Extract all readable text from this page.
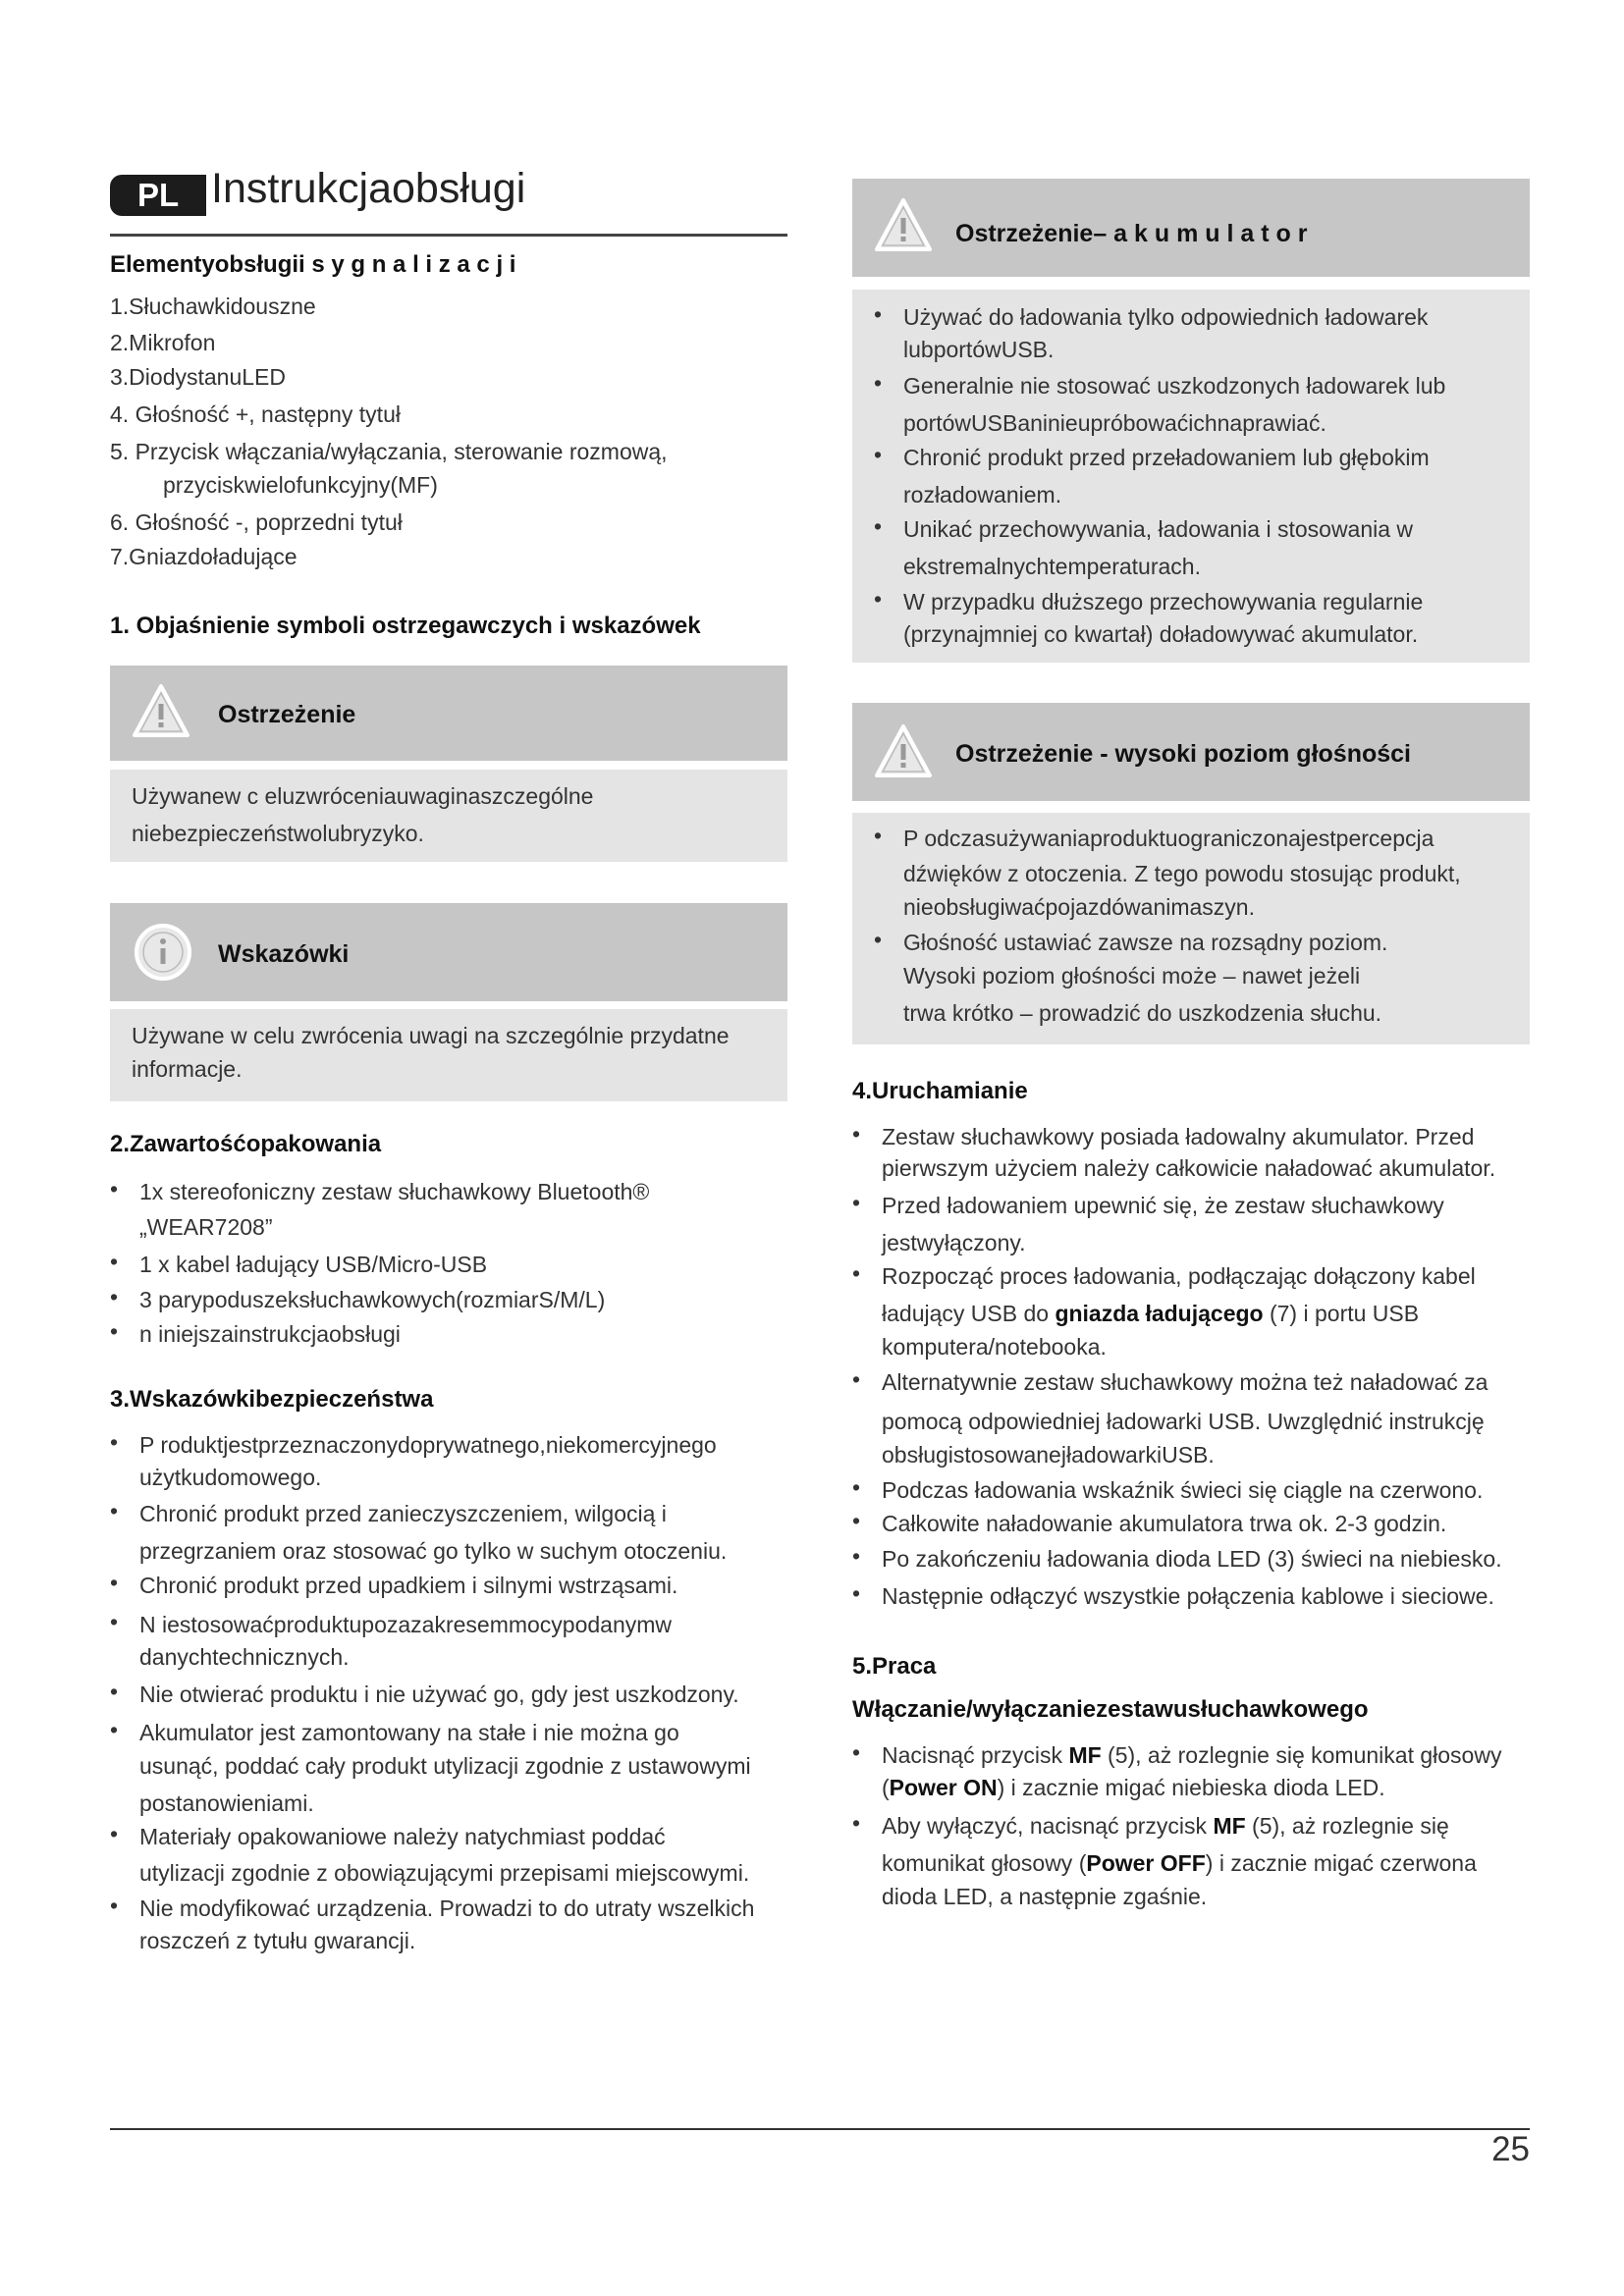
PL Instrukcjaobsługi
Elementyobsługii s y g n a l i z a c j i
1.Słuchawkidouszne
2.Mikrofon
3.DiodystanuLED
4. Głośność +, następny tytuł
5. Przycisk włączania/wyłączania, sterowanie rozmową,
przyciskwielofunkcyjny(MF)
6. Głośność -, poprzedni tytuł
7.Gniazdoładujące
1. Objaśnienie symboli ostrzegawczych i wskazówek
Ostrzeżenie
Używanew c eluzwróceniauwaginaszczególne
niebezpieczeństwolubryzyko.
Wskazówki
Używane w celu zwrócenia uwagi na szczególnie przydatne
informacje.
2.Zawartośćopakowania
• 1x stereofoniczny zestaw słuchawkowy Bluetooth®
„WEAR7208”
• 1 x kabel ładujący USB/Micro-USB
• 3 parypoduszeksłuchawkowych(rozmiarS/M/L)
• n iniejszainstrukcjaobsługi
3.Wskazówkibezpieczeństwa
• P roduktjestprzeznaczonydoprywatnego,niekomercyjnego
użytkudomowego.
• Chronić produkt przed zanieczyszczeniem, wilgocią i
przegrzaniem oraz stosować go tylko w suchym otoczeniu.
• Chronić produkt przed upadkiem i silnymi wstrząsami.
• N iestosowaćproduktupozazakresemmocypodanymw
danychtechnicznych.
• Nie otwierać produktu i nie używać go, gdy jest uszkodzony.
• Akumulator jest zamontowany na stałe i nie można go
usunąć, poddać cały produkt utylizacji zgodnie z ustawowymi
postanowieniami.
• Materiały opakowaniowe należy natychmiast poddać
utylizacji zgodnie z obowiązującymi przepisami miejscowymi.
• Nie modyfikować urządzenia. Prowadzi to do utraty wszelkich
roszczeń z tytułu gwarancji.
Ostrzeżenie– a k u m u l a t o r
• Używać do ładowania tylko odpowiednich ładowarek
lubportówUSB.
• Generalnie nie stosować uszkodzonych ładowarek lub
portówUSBaninieupróbowaćichnaprawiać.
• Chronić produkt przed przeładowaniem lub głębokim
rozładowaniem.
• Unikać przechowywania, ładowania i stosowania w
ekstremalnychtemperaturach.
• W przypadku dłuższego przechowywania regularnie
(przynajmniej co kwartał) doładowywać akumulator.
Ostrzeżenie - wysoki poziom głośności
• P odczasużywaniaproduktuograniczonajestpercepcja
dźwięków z otoczenia. Z tego powodu stosując produkt,
nieobsługiwaćpojazdówanimaszyn.
• Głośność ustawiać zawsze na rozsądny poziom.
Wysoki poziom głośności może – nawet jeżeli
trwa krótko – prowadzić do uszkodzenia słuchu.
4.Uruchamianie
• Zestaw słuchawkowy posiada ładowalny akumulator. Przed
pierwszym użyciem należy całkowicie naładować akumulator.
• Przed ładowaniem upewnić się, że zestaw słuchawkowy
jestwyłączony.
• Rozpocząć proces ładowania, podłączając dołączony kabel
ładujący USB do gniazda ładującego (7) i portu USB
komputera/notebooka.
• Alternatywnie zestaw słuchawkowy można też naładować za
pomocą odpowiedniej ładowarki USB. Uwzględnić instrukcję
obsługistosowanejładowarkiUSB.
• Podczas ładowania wskaźnik świeci się ciągle na czerwono.
• Całkowite naładowanie akumulatora trwa ok. 2-3 godzin.
• Po zakończeniu ładowania dioda LED (3) świeci na niebiesko.
• Następnie odłączyć wszystkie połączenia kablowe i sieciowe.
5.Praca
Włączanie/wyłączaniezestawusłuchawkowego
• Nacisnąć przycisk MF (5), aż rozlegnie się komunikat głosowy
(Power ON) i zacznie migać niebieska dioda LED.
• Aby wyłączyć, nacisnąć przycisk MF (5), aż rozlegnie się
komunikat głosowy (Power OFF) i zacznie migać czerwona
dioda LED, a następnie zgaśnie.
25
